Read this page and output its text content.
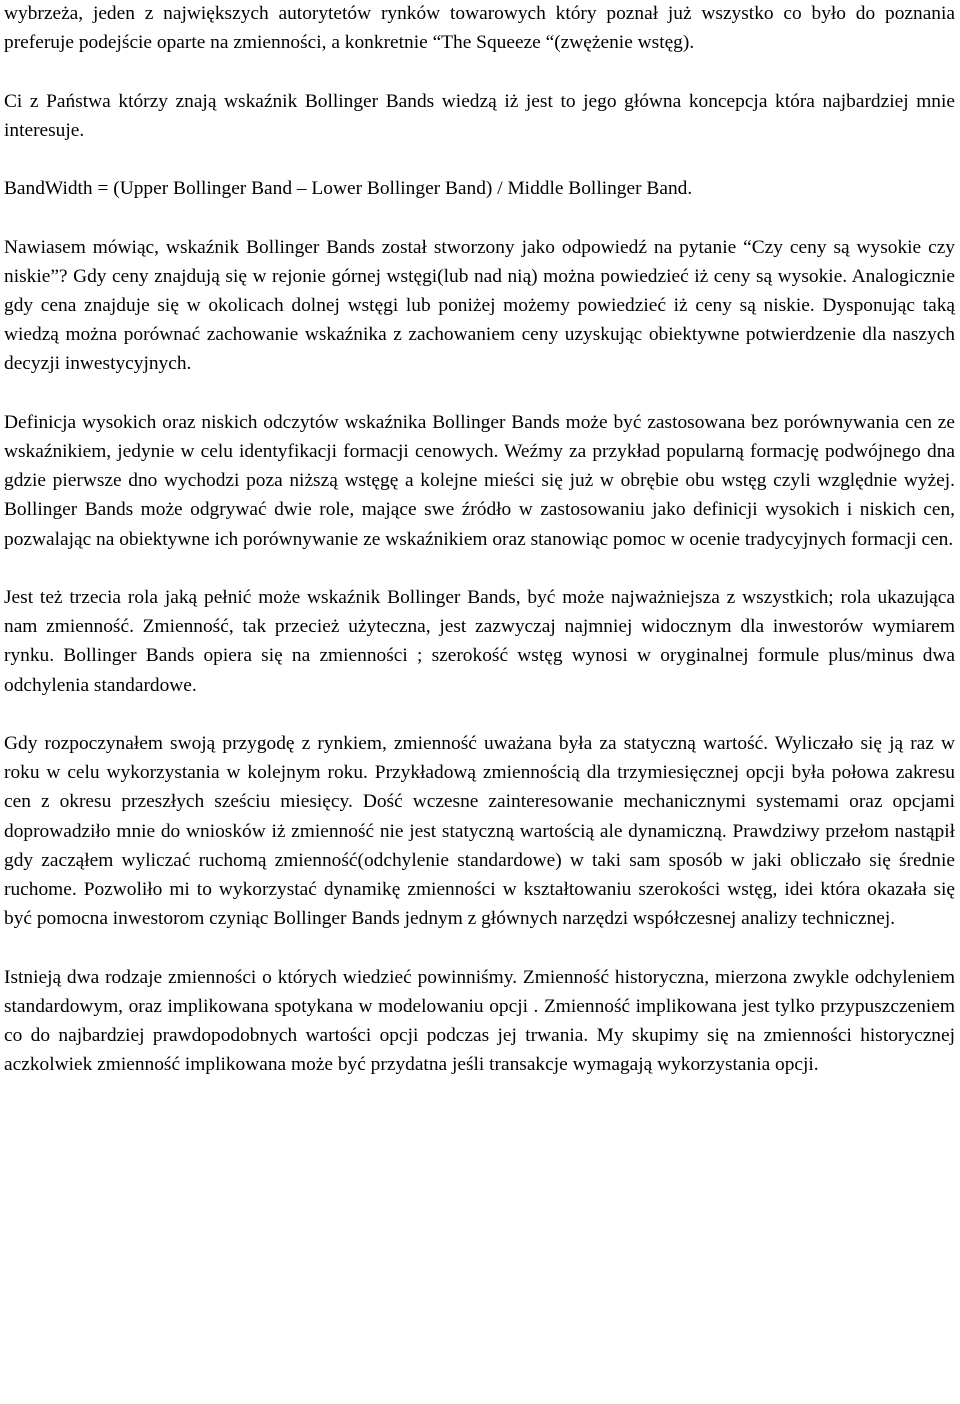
wybrzeża, jeden z największych autorytetów rynków towarowych który poznał już wszystko co było do poznania preferuje podejście oparte na zmienności, a konkretnie “The Squeeze “(zwężenie wstęg).

Ci z Państwa którzy znają wskaźnik Bollinger Bands wiedzą iż jest to jego główna koncepcja która najbardziej mnie interesuje.

BandWidth = (Upper Bollinger Band – Lower Bollinger Band) / Middle Bollinger Band.

Nawiasem mówiąc, wskaźnik Bollinger Bands został stworzony jako odpowiedź na pytanie “Czy ceny są wysokie czy niskie”? Gdy ceny znajdują się w rejonie górnej wstęgi(lub nad nią) można powiedzieć iż ceny są wysokie. Analogicznie gdy cena znajduje się w okolicach dolnej wstęgi lub poniżej możemy powiedzieć iż ceny są niskie. Dysponując taką wiedzą można porównać zachowanie wskaźnika z zachowaniem ceny uzyskując obiektywne potwierdzenie dla naszych decyzji inwestycyjnych.

Definicja wysokich oraz niskich odczytów wskaźnika Bollinger Bands może być zastosowana bez porównywania cen ze wskaźnikiem, jedynie w celu identyfikacji formacji cenowych. Weźmy za przykład popularną formację podwójnego dna gdzie pierwsze dno wychodzi poza niższą wstęgę a kolejne mieści się już w obrębie obu wstęg czyli względnie wyżej. Bollinger Bands może odgrywać dwie role, mające swe źródło w zastosowaniu jako definicji wysokich i niskich cen, pozwalając na obiektywne ich porównywanie ze wskaźnikiem oraz stanowiąc pomoc w ocenie tradycyjnych formacji cen.

Jest też trzecia rola jaką pełnić może wskaźnik Bollinger Bands, być może najważniejsza z wszystkich; rola ukazująca nam zmienność. Zmienność, tak przecież użyteczna, jest zazwyczaj najmniej widocznym dla inwestorów wymiarem rynku. Bollinger Bands opiera się na zmienności ; szerokość wstęg wynosi w oryginalnej formule plus/minus dwa odchylenia standardowe.

Gdy rozpoczynałem swoją przygodę z rynkiem, zmienność uważana była za statyczną wartość. Wyliczało się ją raz w roku w celu wykorzystania w kolejnym roku. Przykładową zmiennością dla trzymiesięcznej opcji była połowa zakresu cen z okresu przeszłych sześciu miesięcy. Dość wczesne zainteresowanie mechanicznymi systemami oraz opcjami doprowadziło mnie do wniosków iż zmienność nie jest statyczną wartością ale dynamiczną. Prawdziwy przełom nastąpił gdy zacząłem wyliczać ruchomą zmienność(odchylenie standardowe) w taki sam sposób w jaki obliczało się średnie ruchome. Pozwoliło mi to wykorzystać dynamikę zmienności w kształtowaniu szerokości wstęg, idei która okazała się być pomocna inwestorom czyniąc Bollinger Bands jednym z głównych narzędzi współczesnej analizy technicznej.

Istnieją dwa rodzaje zmienności o których wiedzieć powinniśmy. Zmienność historyczna, mierzona zwykle odchyleniem standardowym, oraz implikowana spotykana w modelowaniu opcji . Zmienność implikowana jest tylko przypuszczeniem co do najbardziej prawdopodobnych wartości opcji podczas jej trwania. My skupimy się na zmienności historycznej aczkolwiek zmienność implikowana może być przydatna jeśli transakcje wymagają wykorzystania opcji.
